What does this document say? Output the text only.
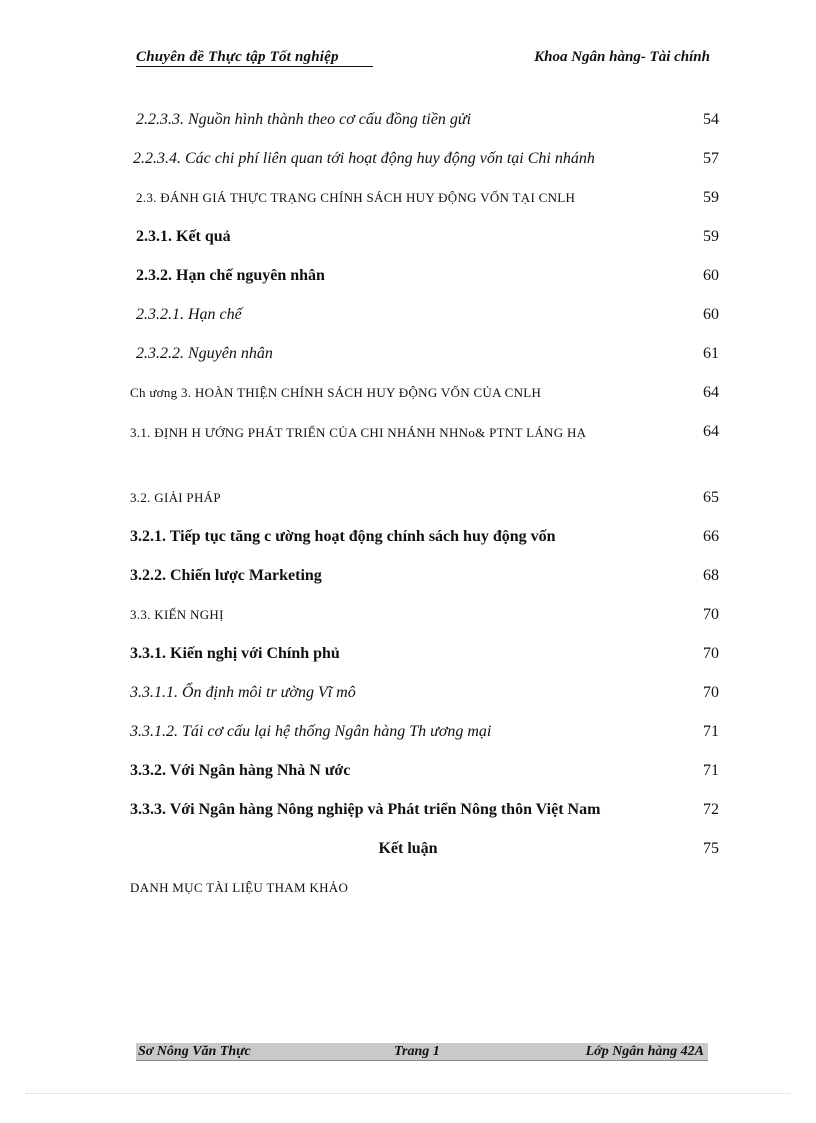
Chuyên đề Thực tập Tốt nghiệp	Khoa Ngân hàng- Tài chính
2.2.3.3. Nguồn hình thành theo cơ cấu đồng tiền gửi	54
2.2.3.4. Các chi phí liên quan tới hoạt động huy động vốn tại Chi nhánh	57
2.3. ĐÁNH GIÁ THỰC TRẠNG CHÍNH SÁCH HUY ĐỘNG VỐN TẠI CNLH	59
2.3.1. Kết quả	59
2.3.2. Hạn chế nguyên nhân	60
2.3.2.1. Hạn chế	60
2.3.2.2. Nguyên nhân	61
Ch ương 3. HOÀN THIỆN CHÍNH SÁCH HUY ĐỘNG VỐN CỦA CNLH	64
3.1. ĐỊNH H ƯỚNG PHÁT TRIỂN CỦA CHI NHÁNH NHNo& PTNT LÁNG HẠ	64
3.2. GIẢI PHÁP	65
3.2.1. Tiếp tục tăng c ường hoạt động chính sách huy động vốn	66
3.2.2. Chiến lược Marketing	68
3.3. KIẾN NGHỊ	70
3.3.1. Kiến nghị với Chính phủ	70
3.3.1.1. Ổn định môi tr ường Vĩ mô	70
3.3.1.2. Tái cơ cấu lại hệ thống Ngân hàng Th ương mại	71
3.3.2. Với Ngân hàng Nhà N ước	71
3.3.3. Với Ngân hàng Nông nghiệp và Phát triển Nông thôn Việt Nam	72
Kết luận	75
DANH MỤC TÀI LIỆU THAM KHẢO
Sơ Nông Văn Thực	Trang 1	Lớp Ngân hàng 42A
